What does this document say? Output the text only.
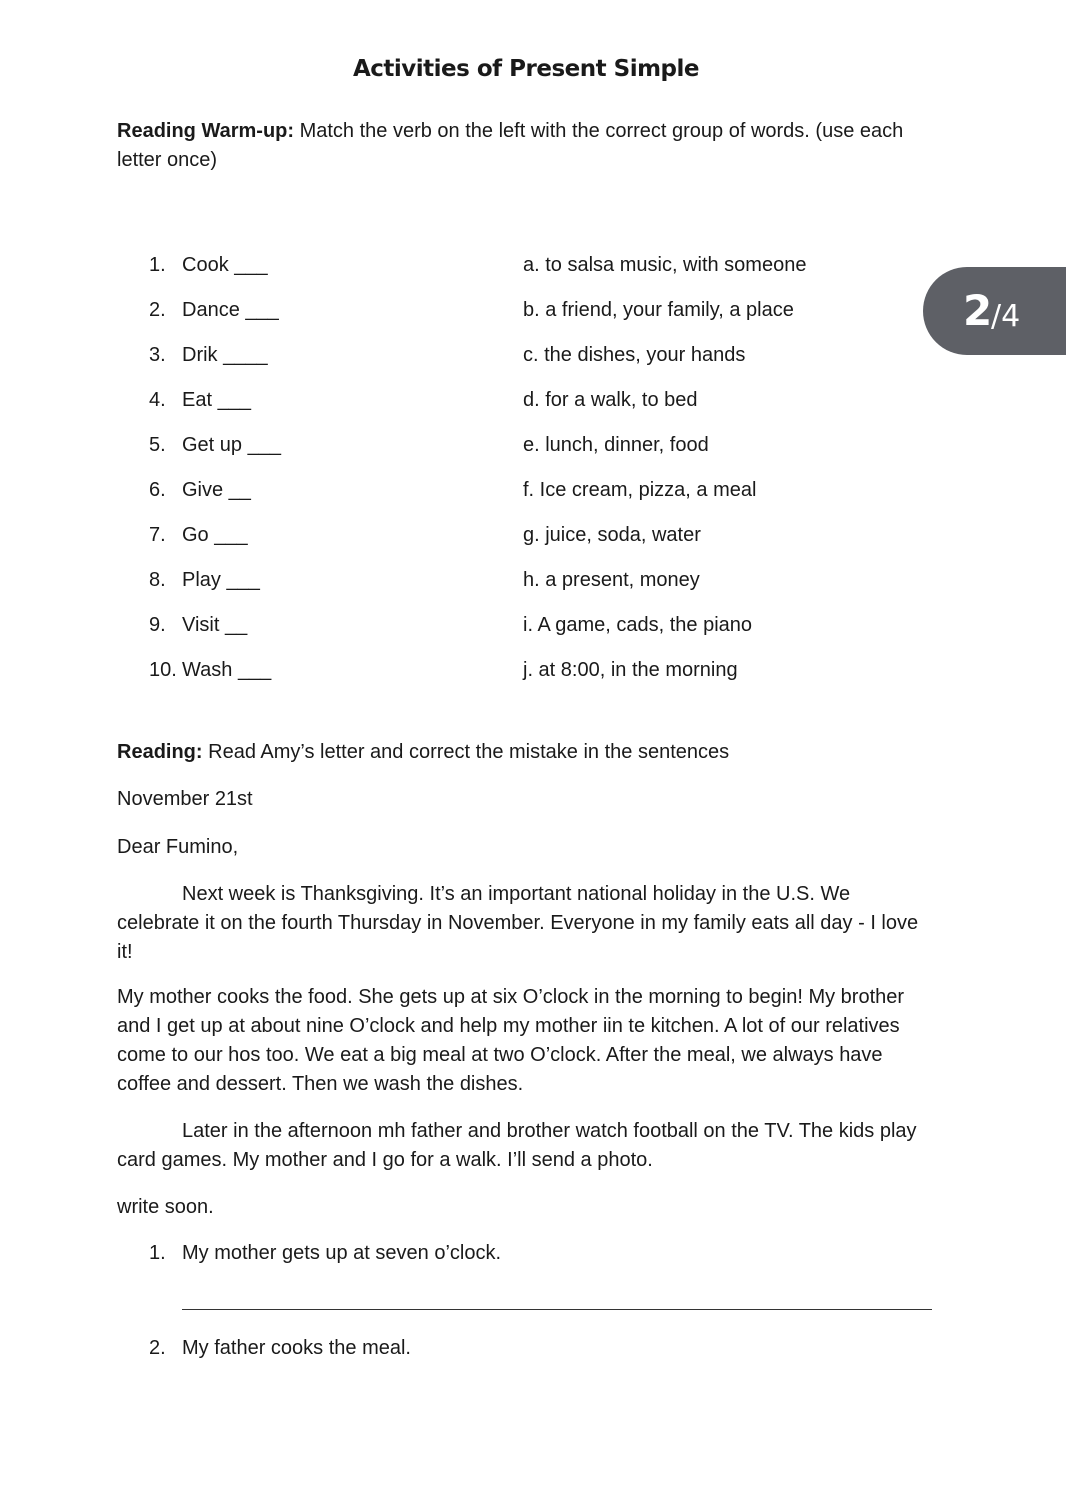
Activities of Present Simple
Reading Warm-up: Match the verb on the left with the correct group of words. (use each letter once)
2
/4
1. Cook ___	a. to salsa music, with someone
2. Dance ___	b. a friend, your family, a place
3. Drik ____	c. the dishes, your hands
4. Eat ___	d. for a walk, to bed
5. Get up ___	e. lunch, dinner, food
6. Give __	f. Ice cream, pizza, a meal
7. Go ___	g. juice, soda, water
8. Play ___	h. a present, money
9. Visit __	i. A game, cads, the piano
10. Wash ___	j. at 8:00, in the morning
Reading: Read Amy’s letter and correct the mistake in the sentences
November 21st
Dear Fumino,
Next week is Thanksgiving. It’s an important national holiday in the U.S. We celebrate it on the fourth Thursday in November. Everyone in my family eats all day - I love it!
My mother cooks the food. She gets up at six O’clock in the morning to begin! My brother and I get up at about nine O’clock and help my mother iin te kitchen. A lot of our relatives come to our hos too. We eat a big meal at two O’clock. After the meal, we always have coffee and dessert. Then we wash the dishes.
Later in the afternoon mh father and brother watch football on the TV. The kids play card games. My mother and I go for a walk. I’ll send a photo.
write soon.
1. My mother gets up at seven o’clock.
2. My father cooks the meal.
